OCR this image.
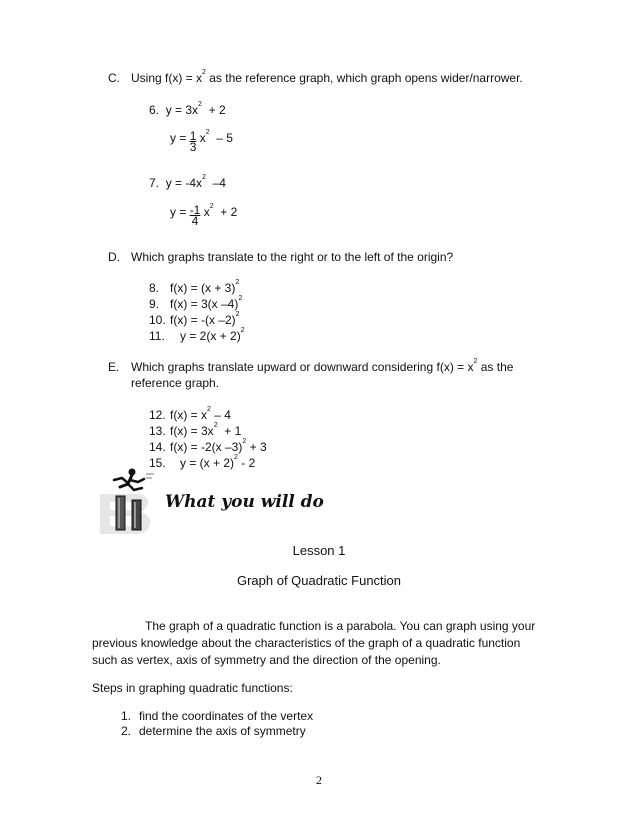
C. Using $f(x) = x^2$ as the reference graph, which graph opens wider/narrower.
6. $y = 3x^2 + 2$
$y = \frac{1}{3} x^2 - 5$
7. $y = -4x^2$  –4
$y = \frac{-1}{4} x^2 + 2$
D. Which graphs translate to the right or to the left of the origin?
8. $f(x) = (x + 3)^2$
9. f(x) = 3(x –4)$^2$
10. f(x) = -(x –2)$^2$
11.   $y = 2(x + 2)^2$
E. Which graphs translate upward or downward considering $f(x) = x^2$ as the
reference graph.
12. $f(x) = x^2 - 4$
13. $f(x) = 3x^2 + 1$
14. f(x) = -2(x –3)$^2$ + 3
15.   $y = (x + 2)^2 - 2$
What you will do
Lesson 1
Graph of Quadratic Function
The graph of a quadratic function is a parabola. You can graph using your
previous knowledge about the characteristics of the graph of a quadratic function
such as vertex, axis of symmetry and the direction of the opening.
Steps in graphing quadratic functions:
1. find the coordinates of the vertex
2. determine the axis of symmetry
2
